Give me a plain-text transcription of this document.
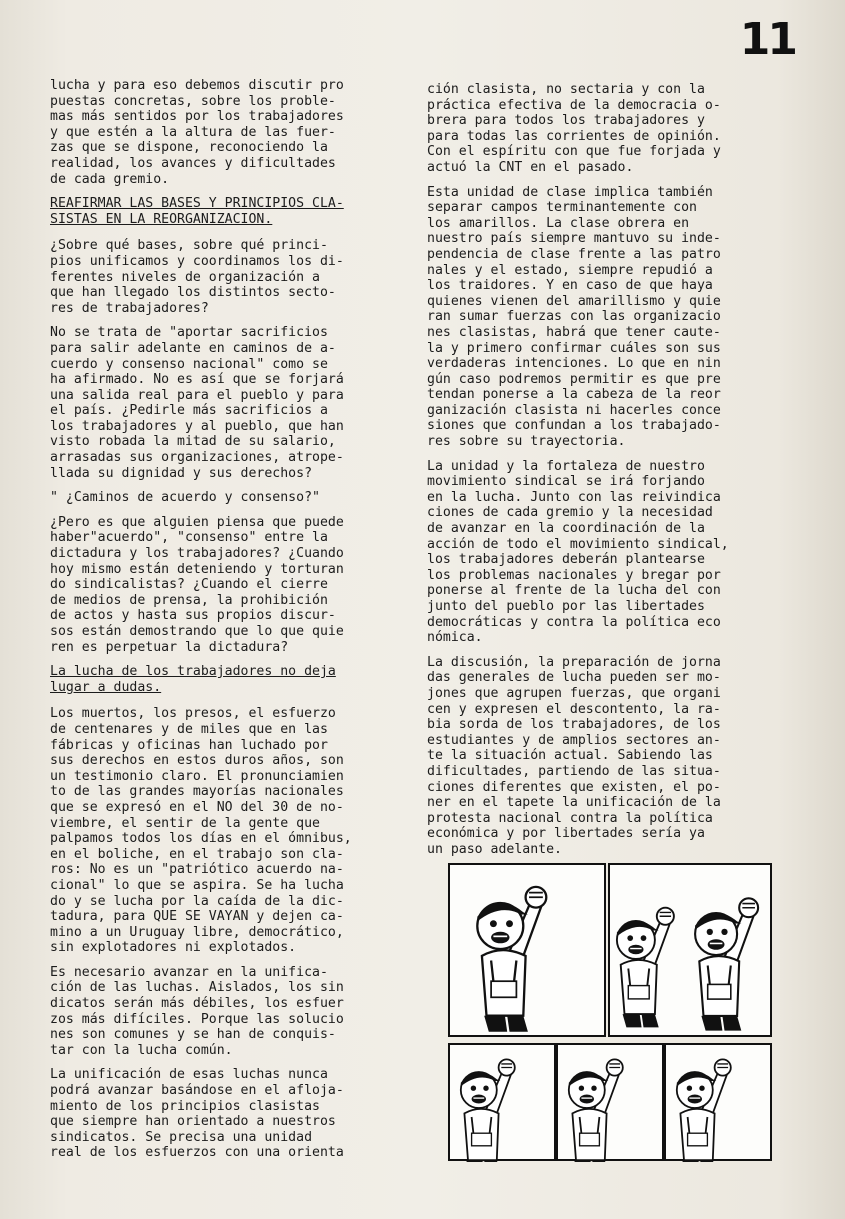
11

lucha y para eso debemos discutir pro
puestas concretas, sobre los proble-
mas más sentidos por los trabajadores
y que estén a la altura de las fuer-
zas que se dispone, reconociendo la
realidad, los avances y dificultades
de cada gremio.

REAFIRMAR LAS BASES Y PRINCIPIOS CLA-
SISTAS EN LA REORGANIZACION.

¿Sobre qué bases, sobre qué princi-
pios unificamos y coordinamos los di-
ferentes niveles de organización a
que han llegado los distintos secto-
res de trabajadores?

No se trata de "aportar sacrificios
para salir adelante en caminos de a-
cuerdo y consenso nacional" como se
ha afirmado. No es así que se forjará
una salida real para el pueblo y para
el país. ¿Pedirle más sacrificios a
los trabajadores y al pueblo, que han
visto robada la mitad de su salario,
arrasadas sus organizaciones, atrope-
llada su dignidad y sus derechos?

" ¿Caminos de acuerdo y consenso?"

¿Pero es que alguien piensa que puede
haber"acuerdo", "consenso" entre la
dictadura y los trabajadores? ¿Cuando
hoy mismo están deteniendo y torturan
do sindicalistas? ¿Cuando el cierre
de medios de prensa, la prohibición
de actos y hasta sus propios discur-
sos están demostrando que lo que quie
ren es perpetuar la dictadura?

La lucha de los trabajadores no deja
lugar a dudas.

Los muertos, los presos, el esfuerzo
de centenares y de miles que en las
fábricas y oficinas han luchado por
sus derechos en estos duros años, son
un testimonio claro. El pronunciamien
to de las grandes mayorías nacionales
que se expresó en el NO del 30 de no-
viembre, el sentir de la gente que
palpamos todos los días en el ómnibus,
en el boliche, en el trabajo son cla-
ros: No es un "patriótico acuerdo na-
cional" lo que se aspira. Se ha lucha
do y se lucha por la caída de la dic-
tadura, para QUE SE VAYAN y dejen ca-
mino a un Uruguay libre, democrático,
sin explotadores ni explotados.

Es necesario avanzar en la unifica-
ción de las luchas. Aislados, los sin
dicatos serán más débiles, los esfuer
zos más difíciles. Porque las solucio
nes son comunes y se han de conquis-
tar con la lucha común.

La unificación de esas luchas nunca
podrá avanzar basándose en el afloja-
miento de los principios clasistas
que siempre han orientado a nuestros
sindicatos. Se precisa una unidad
real de los esfuerzos con una orienta

ción clasista, no sectaria y con la
práctica efectiva de la democracia o-
brera para todos los trabajadores y
para todas las corrientes de opinión.
Con el espíritu con que fue forjada y
actuó la CNT en el pasado.

Esta unidad de clase implica también
separar campos terminantemente con
los amarillos. La clase obrera en
nuestro país siempre mantuvo su inde-
pendencia de clase frente a las patro
nales y el estado, siempre repudió a
los traidores. Y en caso de que haya
quienes vienen del amarillismo y quie
ran sumar fuerzas con las organizacio
nes clasistas, habrá que tener caute-
la y primero confirmar cuáles son sus
verdaderas intenciones. Lo que en nin
gún caso podremos permitir es que pre
tendan ponerse a la cabeza de la reor
ganización clasista ni hacerles conce
siones que confundan a los trabajado-
res sobre su trayectoria.

La unidad y la fortaleza de nuestro
movimiento sindical se irá forjando
en la lucha. Junto con las reivindica
ciones de cada gremio y la necesidad
de avanzar en la coordinación de la
acción de todo el movimiento sindical,
los trabajadores deberán plantearse
los problemas nacionales y bregar por
ponerse al frente de la lucha del con
junto del pueblo por las libertades
democráticas y contra la política eco
nómica.

La discusión, la preparación de jorna
das generales de lucha pueden ser mo-
jones que agrupen fuerzas, que organi
cen y expresen el descontento, la ra-
bia sorda de los trabajadores, de los
estudiantes y de amplios sectores an-
te la situación actual. Sabiendo las
dificultades, partiendo de las situa-
ciones diferentes que existen, el po-
ner en el tapete la unificación de la
protesta nacional contra la política
económica y por libertades sería ya
un paso adelante.
